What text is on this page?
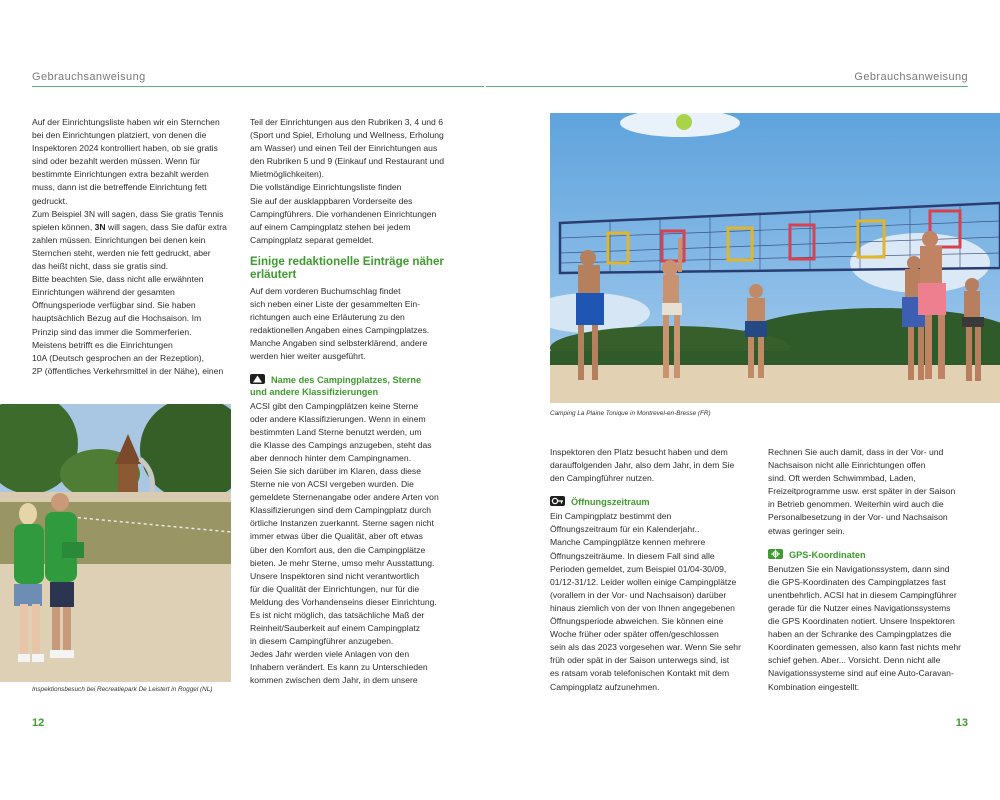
Gebrauchsanweisung	Gebrauchsanweisung

Auf der Einrichtungsliste haben wir ein Sternchen

bei den Einrichtungen platziert, von denen die

Inspektoren 2024 kontrolliert haben, ob sie gratis

sind oder bezahlt werden müssen. Wenn für

bestimmte Einrichtungen extra bezahlt werden

muss, dann ist die betreffende Einrichtung fett

gedruckt.

Zum Beispiel 3N will sagen, dass Sie gratis Tennis

spielen können, 3N will sagen, dass Sie dafür extra

zahlen müssen. Einrichtungen bei denen kein

Sternchen steht, werden nie fett gedruckt, aber

das heißt nicht, dass sie gratis sind.

Bitte beachten Sie, dass nicht alle erwähnten

Einrichtungen während der gesamten

Öffnungsperiode verfügbar sind. Sie haben

hauptsächlich Bezug auf die Hochsaison. Im

Prinzip sind das immer die Sommerferien.

Meistens betrifft es die Einrichtungen

10A (Deutsch gesprochen an der Rezeption),

2P (öffentliches Verkehrsmittel in der Nähe), einen

Inspektionsbesuch bei Recreatiepark De Leistert in Roggel (NL)
12

Teil der Einrichtungen aus den Rubriken 3, 4 und 6

(Sport und Spiel, Erholung und Wellness, Erholung

am Wasser) und einen Teil der Einrichtungen aus

den Rubriken 5 und 9 (Einkauf und Restaurant und

Mietmöglichkeiten).

Die vollständige Einrichtungsliste finden

Sie auf der ausklappbaren Vorderseite des

Campingführers. Die vorhandenen Einrichtungen

auf einem Campingplatz stehen bei jedem

Campingplatz separat gemeldet.

Einige redaktionelle Einträge näher

erläutert

Auf dem vorderen Buchumschlag findet

sich neben einer Liste der gesammelten Ein-

richtungen auch eine Erläuterung zu den

redaktionellen Angaben eines Campingplatzes.

Manche Angaben sind selbsterklärend, andere

werden hier weiter ausgeführt.

Name des Campingplatzes, Sterne
und andere Klassifizierungen

ACSI gibt den Campingplätzen keine Sterne

oder andere Klassifizierungen. Wenn in einem

bestimmten Land Sterne benutzt werden, um

die Klasse des Campings anzugeben, steht das

aber dennoch hinter dem Campingnamen.

Seien Sie sich darüber im Klaren, dass diese

Sterne nie von ACSI vergeben wurden. Die

gemeldete Sternenangabe oder andere Arten von

Klassifizierungen sind dem Campingplatz durch

örtliche Instanzen zuerkannt. Sterne sagen nicht

immer etwas über die Qualität, aber oft etwas

über den Komfort aus, den die Campingplätze

bieten. Je mehr Sterne, umso mehr Ausstattung.

Unsere Inspektoren sind nicht verantwortlich

für die Qualität der Einrichtungen, nur für die

Meldung des Vorhandenseins dieser Einrichtung.

Es ist nicht möglich, das tatsächliche Maß der

Reinheit/Sauberkeit auf einem Campingplatz

in diesem Campingführer anzugeben.

Jedes Jahr werden viele Anlagen von den

Inhabern verändert. Es kann zu Unterschieden

kommen zwischen dem Jahr, in dem unsere

Camping La Plaine Tonique in Montrevel-en-Bresse (FR)

Inspektoren den Platz besucht haben und dem

darauffolgenden Jahr, also dem Jahr, in dem Sie

den Campingführer nutzen.

Öffnungszeitraum

Ein Campingplatz bestimmt den

Öffnungszeitraum für ein Kalenderjahr..

Manche Campingplätze kennen mehrere

Öffnungszeiträume. In diesem Fall sind alle

Perioden gemeldet, zum Beispiel 01/04-30/09,

01/12-31/12. Leider wollen einige Campingplätze

(vorallem in der Vor- und Nachsaison) darüber

hinaus ziemlich von der von Ihnen angegebenen

Öffnungsperiode abweichen. Sie können eine

Woche früher oder später offen/geschlossen

sein als das 2023 vorgesehen war. Wenn Sie sehr

früh oder spät in der Saison unterwegs sind, ist

es ratsam vorab telefonischen Kontakt mit dem

Campingplatz aufzunehmen.

Rechnen Sie auch damit, dass in der Vor- und

Nachsaison nicht alle Einrichtungen offen

sind. Oft werden Schwimmbad, Laden,

Freizeitprogramme usw. erst später in der Saison

in Betrieb genommen. Weiterhin wird auch die

Personalbesetzung in der Vor- und Nachsaison

etwas geringer sein.

GPS-Koordinaten

Benutzen Sie ein Navigationssystem, dann sind

die GPS-Koordinaten des Campingplatzes fast

unentbehrlich. ACSI hat in diesem Campingführer

gerade für die Nutzer eines Navigationssystems

die GPS Koordinaten notiert. Unsere Inspektoren

haben an der Schranke des Campingplatzes die

Koordinaten gemessen, also kann fast nichts mehr

schief gehen. Aber... Vorsicht. Denn nicht alle

Navigationssysteme sind auf eine Auto-Caravan-

Kombination eingestellt.

13
